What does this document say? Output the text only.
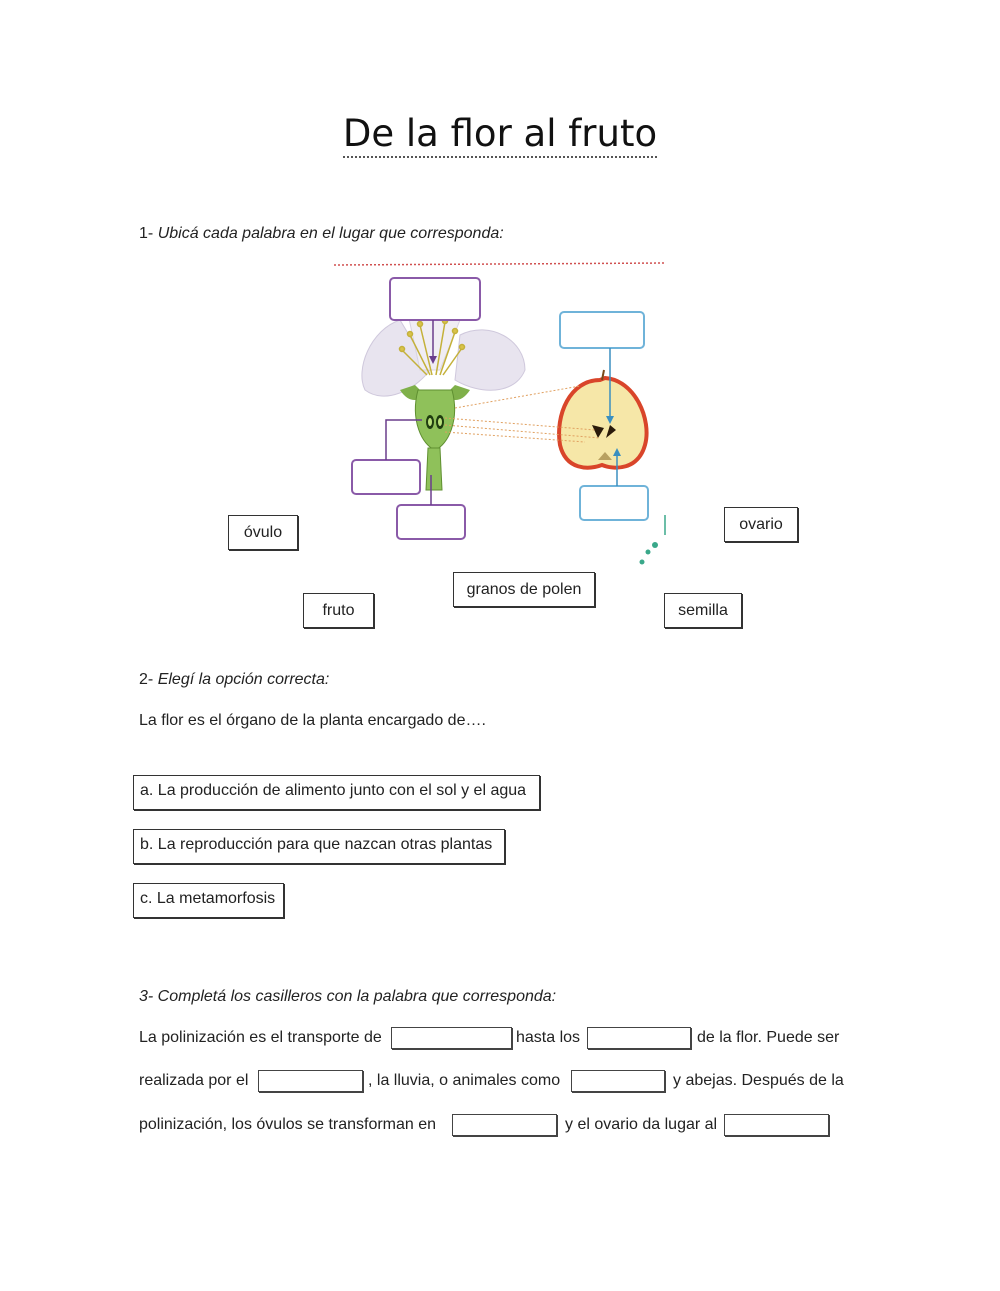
De la flor al fruto
1- Ubicá cada palabra en el lugar que corresponda:
óvulo	ovario
granos de polen
fruto	semilla
2- Elegí la opción correcta:
La flor es el órgano de la planta encargado de….
a. La producción de alimento junto con el sol y el agua
b. La reproducción para que nazcan otras plantas
c. La metamorfosis
3- Completá los casilleros con la palabra que corresponda:
La polinización es el transporte de	hasta los	de la flor. Puede ser
realizada por el	, la lluvia, o animales como	y abejas. Después de la
polinización, los óvulos se transforman en	y el ovario da lugar al
